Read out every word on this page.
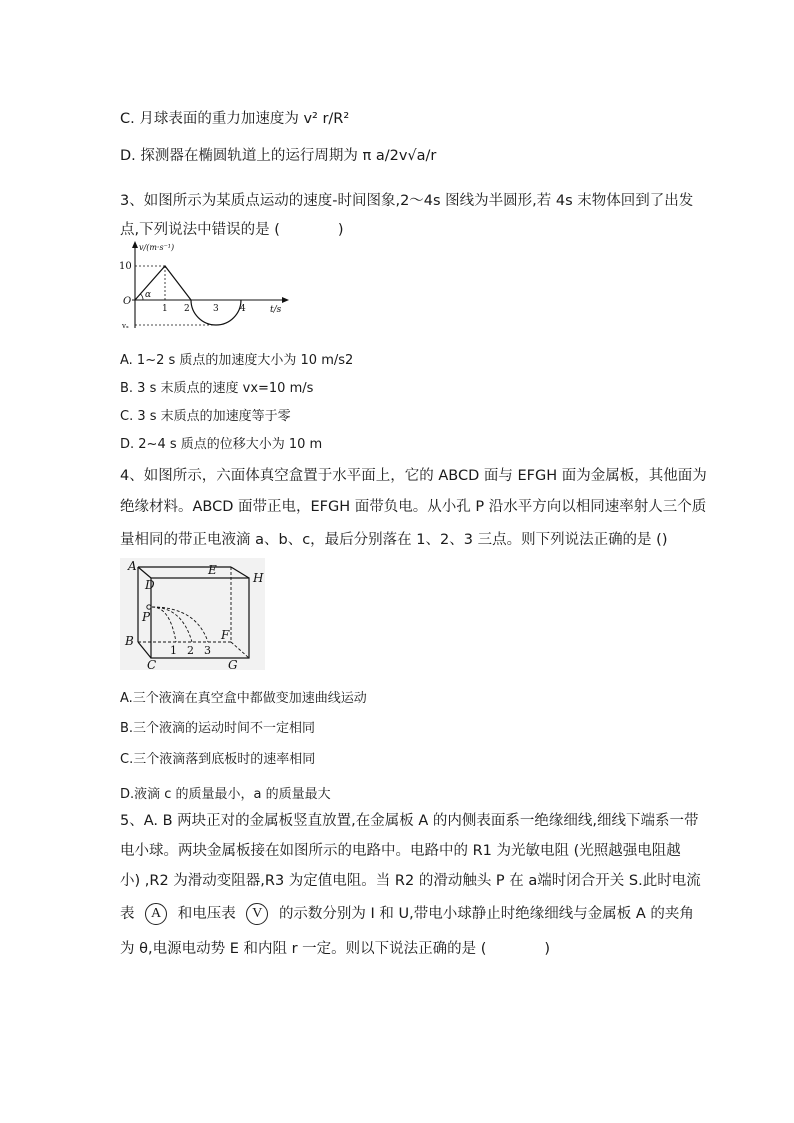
C. 月球表面的重力加速度为 v² r/R²
D. 探测器在椭圆轨道上的运行周期为 π a/2v√a/r
3、如图所示为某质点运动的速度-时间图象,2～4s 图线为半圆形,若 4s 末物体回到了出发
点,下列说法中错误的是 (　　　　)
v/(m·s⁻¹)
10
O
vₓ
α
1 2	3 4	t/s
A. 1~2 s 质点的加速度大小为 10 m/s2
B. 3 s 末质点的速度 vx=10 m/s
C. 3 s 末质点的加速度等于零
D. 2~4 s 质点的位移大小为 10 m
4、如图所示，六面体真空盒置于水平面上，它的 ABCD 面与 EFGH 面为金属板，其他面为
绝缘材料。ABCD 面带正电，EFGH 面带负电。从小孔 P 沿水平方向以相同速率射人三个质
量相同的带正电液滴 a、b、c，最后分别落在 1、2、3 三点。则下列说法正确的是 ()
A
D
E
H
P
F
B
C	G
1 2 3
A.三个液滴在真空盒中都做变加速曲线运动
B.三个液滴的运动时间不一定相同
C.三个液滴落到底板时的速率相同
D.液滴 c 的质量最小，a 的质量最大
5、A. B 两块正对的金属板竖直放置,在金属板 A 的内侧表面系一绝缘细线,细线下端系一带
电小球。两块金属板接在如图所示的电路中。电路中的 R1 为光敏电阻 (光照越强电阻越
小) ,R2 为滑动变阻器,R3 为定值电阻。当 R2 的滑动触头 P 在 a端时闭合开关 S.此时电流
表 A 和电压表 V 的示数分别为 I 和 U,带电小球静止时绝缘细线与金属板 A 的夹角
为 θ,电源电动势 E 和内阻 r 一定。则以下说法正确的是 (　　　　)
